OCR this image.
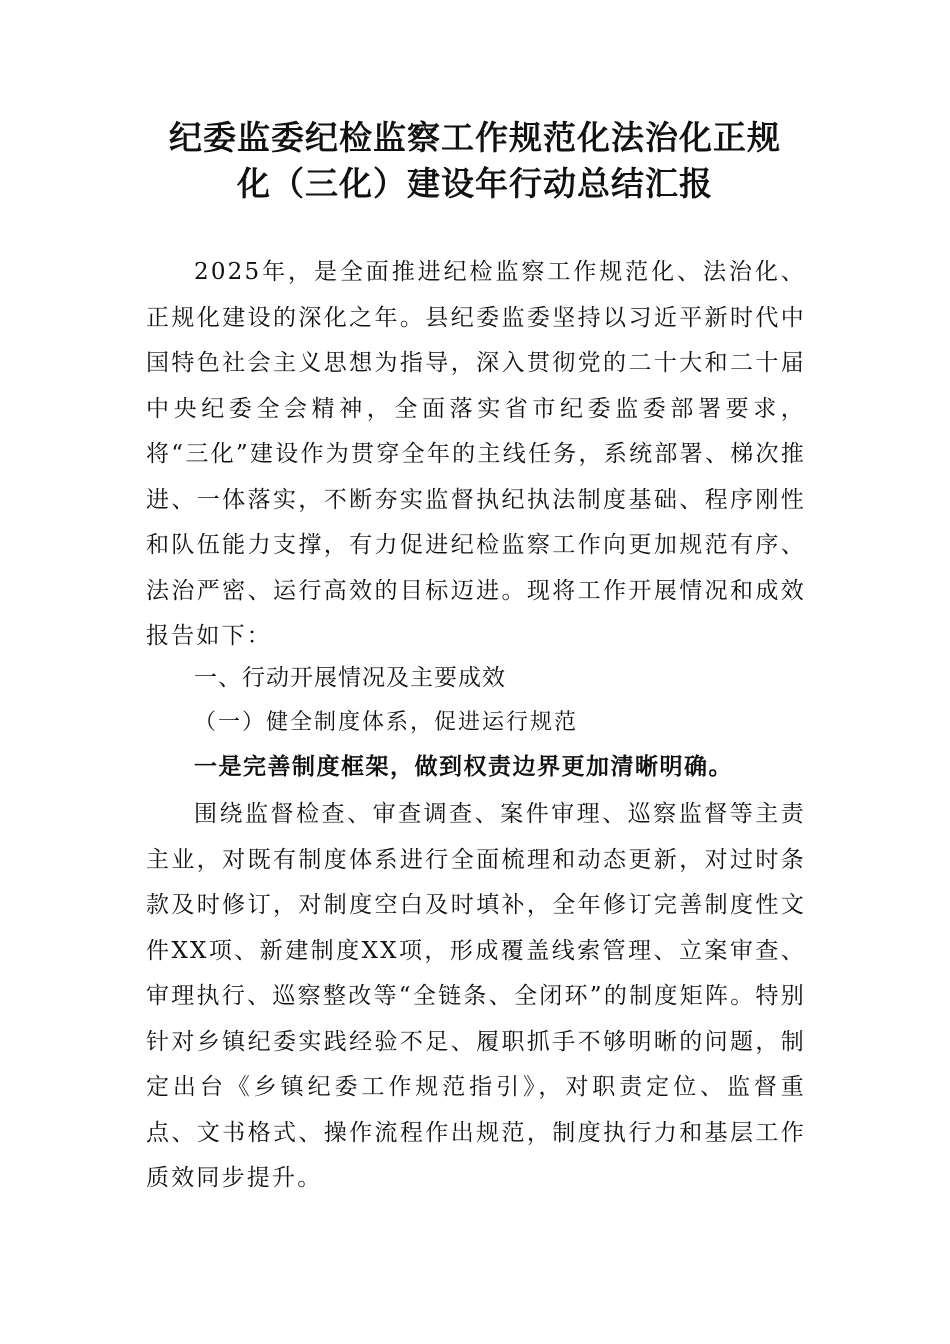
纪委监委纪检监察工作规范化法治化正规
化（三化）建设年行动总结汇报

2025年，是全面推进纪检监察工作规范化、法治化、正规化建设的深化之年。县纪委监委坚持以习近平新时代中国特色社会主义思想为指导，深入贯彻党的二十大和二十届中央纪委全会精神，全面落实省市纪委监委部署要求，将“三化”建设作为贯穿全年的主线任务，系统部署、梯次推进、一体落实，不断夯实监督执纪执法制度基础、程序刚性和队伍能力支撑，有力促进纪检监察工作向更加规范有序、法治严密、运行高效的目标迈进。现将工作开展情况和成效报告如下：

一、行动开展情况及主要成效
（一）健全制度体系，促进运行规范
一是完善制度框架，做到权责边界更加清晰明确。

围绕监督检查、审查调查、案件审理、巡察监督等主责主业，对既有制度体系进行全面梳理和动态更新，对过时条款及时修订，对制度空白及时填补，全年修订完善制度性文件XX项、新建制度XX项，形成覆盖线索管理、立案审查、审理执行、巡察整改等“全链条、全闭环”的制度矩阵。特别针对乡镇纪委实践经验不足、履职抓手不够明晰的问题，制定出台《乡镇纪委工作规范指引》，对职责定位、监督重点、文书格式、操作流程作出规范，制度执行力和基层工作质效同步提升。
